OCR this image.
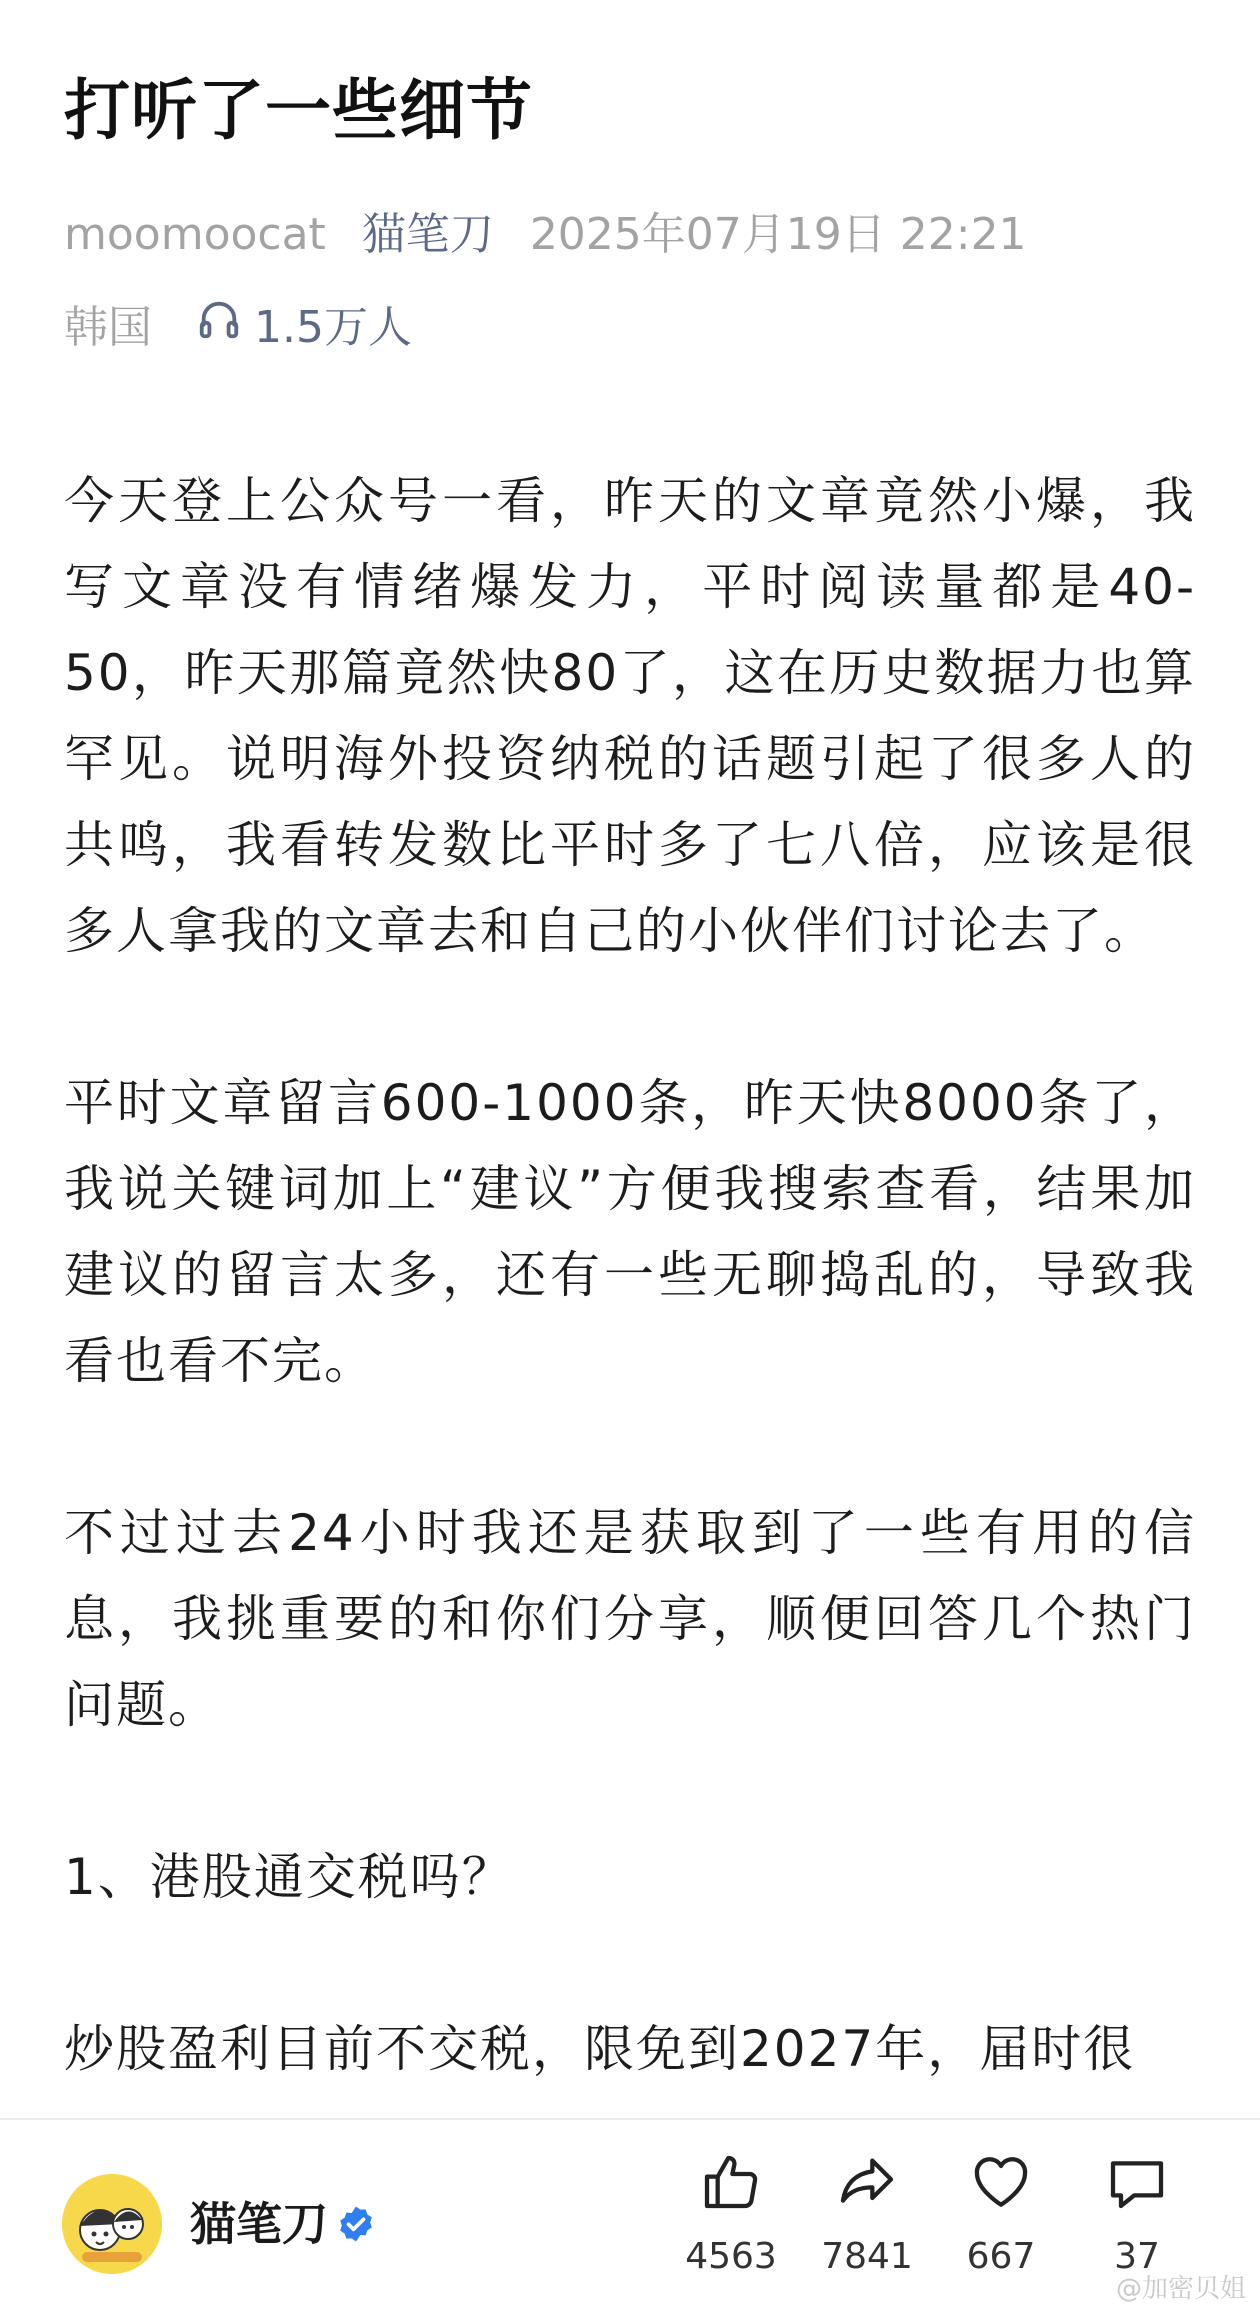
打听了一些细节
moomoocat 猫笔刀 2025年07月19日 22:21
韩国 1.5万人

今天登上公众号一看，昨天的文章竟然小爆，我写文章没有情绪爆发力，平时阅读量都是40-50，昨天那篇竟然快80了，这在历史数据力也算罕见。说明海外投资纳税的话题引起了很多人的共鸣，我看转发数比平时多了七八倍，应该是很多人拿我的文章去和自己的小伙伴们讨论去了。

平时文章留言600-1000条，昨天快8000条了，我说关键词加上“建议”方便我搜索查看，结果加建议的留言太多，还有一些无聊捣乱的，导致我看也看不完。

不过过去24小时我还是获取到了一些有用的信息，我挑重要的和你们分享，顺便回答几个热门问题。

1、港股通交税吗？

炒股盈利目前不交税，限免到2027年，届时很

猫笔刀
4563 7841	667	37
@加密贝姐
